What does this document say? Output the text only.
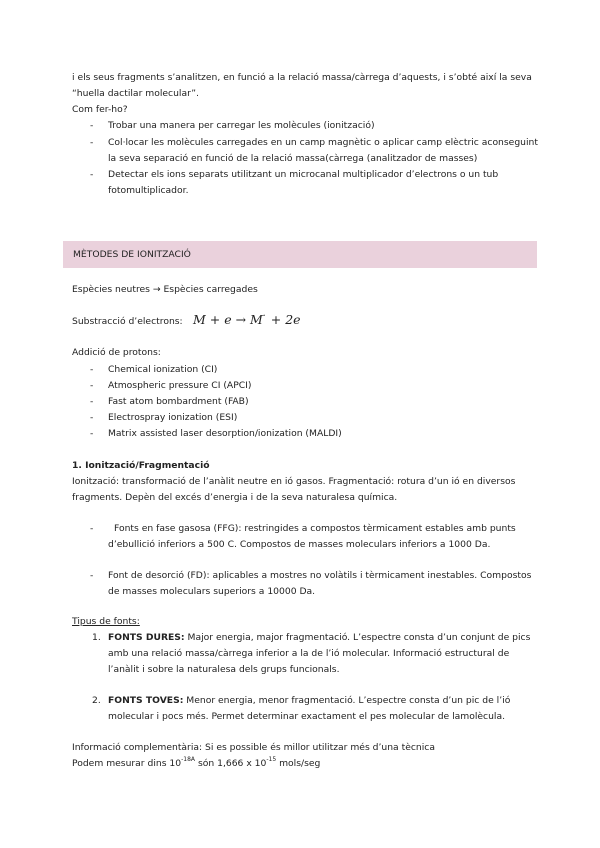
i els seus fragments s’analitzen, en funció a la relació massa/càrrega d’aquests, i s’obté així la seva
“huella dactilar molecular”.
Com fer-ho?
- Trobar una manera per carregar les molècules (ionització)
- Col·locar les molècules carregades en un camp magnètic o aplicar camp elèctric aconseguint
la seva separació en funció de la relació massa(càrrega (analitzador de masses)
- Detectar els ions separats utilitzant un microcanal multiplicador d’electrons o un tub
fotomultiplicador.
MÈTODES DE IONITZACIÓ
Espècies neutres → Espècies carregades
Substracció d’electrons: M + e → M ̇ + 2e
Addició de protons:
- Chemical ionization (CI)
- Atmospheric pressure CI (APCI)
- Fast atom bombardment (FAB)
- Electrospray ionization (ESI)
- Matrix assisted laser desorption/ionization (MALDI)
1. Ionització/Fragmentació
Ionització: transformació de l’anàlit neutre en ió gasos. Fragmentació: rotura d’un ió en diversos
fragments. Depèn del excés d’energia i de la seva naturalesa química.
- Fonts en fase gasosa (FFG): restringides a compostos tèrmicament estables amb punts
d’ebullició inferiors a 500 C. Compostos de masses moleculars inferiors a 1000 Da.
- Font de desorció (FD): aplicables a mostres no volàtils i tèrmicament inestables. Compostos
de masses moleculars superiors a 10000 Da.
Tipus de fonts:
1. FONTS DURES: Major energia, major fragmentació. L’espectre consta d’un conjunt de pics
amb una relació massa/càrrega inferior a la de l’ió molecular. Informació estructural de
l’anàlit i sobre la naturalesa dels grups funcionals.
2. FONTS TOVES: Menor energia, menor fragmentació. L’espectre consta d’un pic de l’ió
molecular i pocs més. Permet determinar exactament el pes molecular de lamolècula.
Informació complementària: Si es possible és millor utilitzar més d’una tècnica
Podem mesurar dins $10^{-18A}$ són 1,666 x $10^{-15}$ mols/seg
